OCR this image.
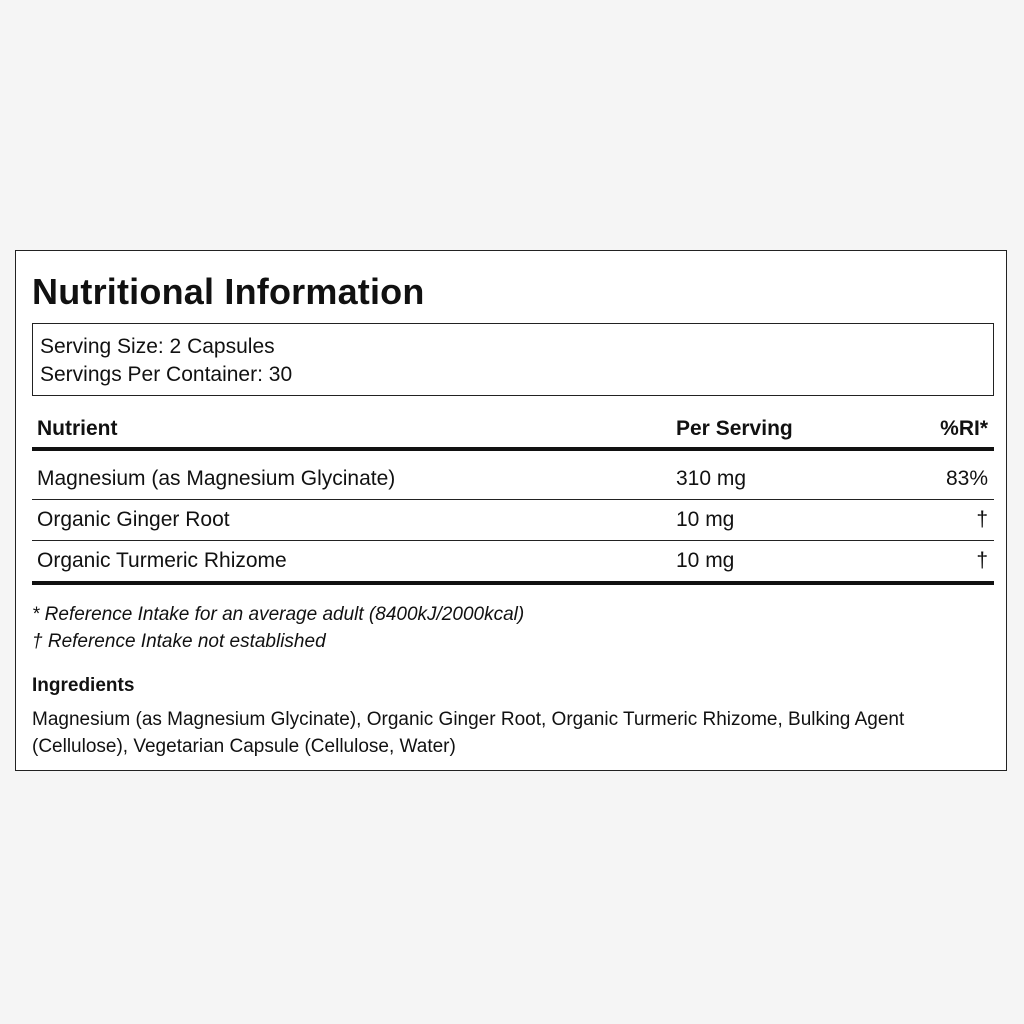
Nutritional Information
Serving Size: 2 Capsules
Servings Per Container: 30
Nutrient	Per Serving	%RI*
Magnesium (as Magnesium Glycinate)	310 mg	83%
Organic Ginger Root	10 mg	†
Organic Turmeric Rhizome	10 mg	†
* Reference Intake for an average adult (8400kJ/2000kcal)
† Reference Intake not established
Ingredients
Magnesium (as Magnesium Glycinate), Organic Ginger Root, Organic Turmeric Rhizome, Bulking Agent (Cellulose), Vegetarian Capsule (Cellulose, Water)
